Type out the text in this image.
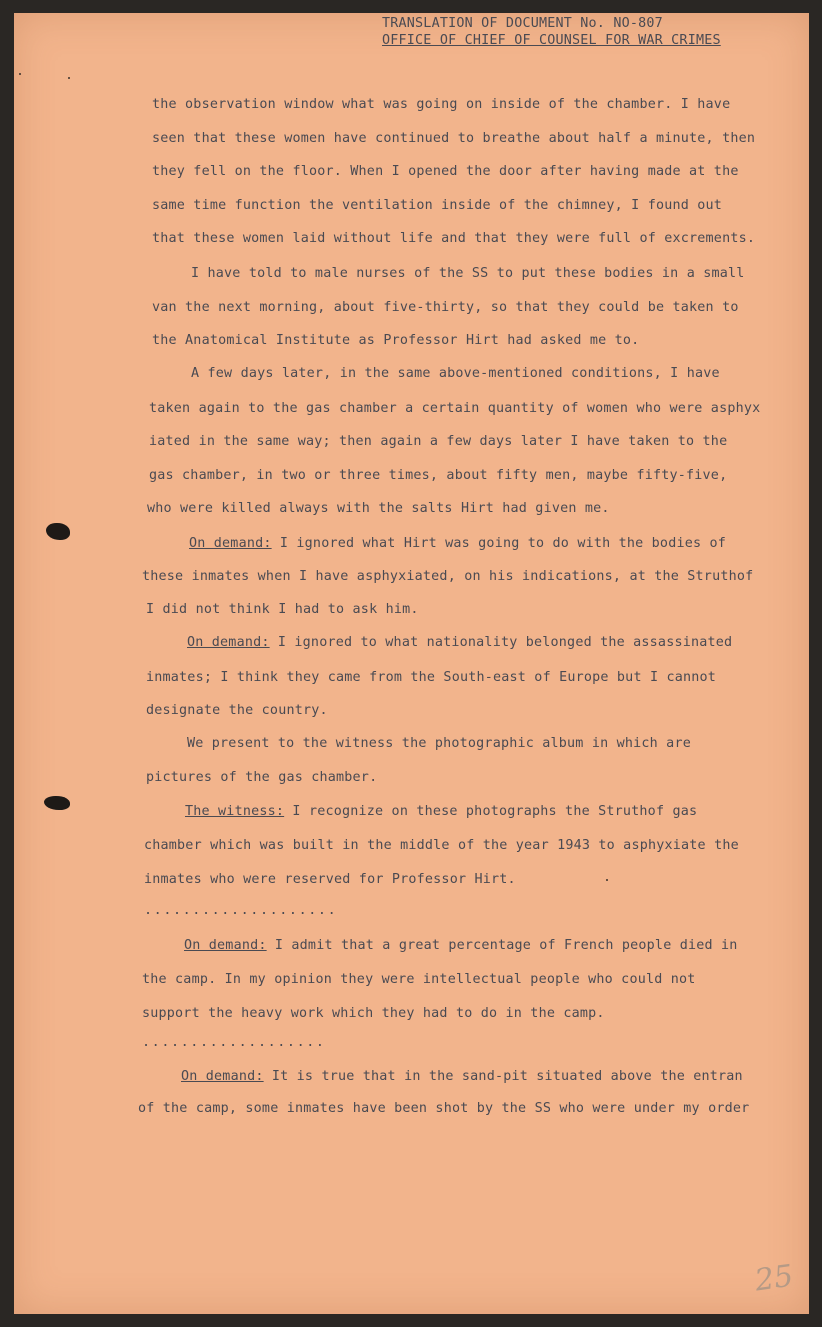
TRANSLATION OF DOCUMENT No. NO-807
OFFICE OF CHIEF OF COUNSEL FOR WAR CRIMES
the observation window what was going on inside of the chamber. I have
seen that these women have continued to breathe about half a minute, then
they fell on the floor. When I opened the door after having made at the
same time function the ventilation inside of the chimney, I found out
that these women laid without life and that they were full of excrements.
I have told to male nurses of the SS to put these bodies in a small
van the next morning, about five-thirty, so that they could be taken to
the Anatomical Institute as Professor Hirt had asked me to.
A few days later, in the same above-mentioned conditions, I have
taken again to the gas chamber a certain quantity of women who were asphyx
iated in the same way; then again a few days later I have taken to the
gas chamber, in two or three times, about fifty men, maybe fifty-five,
who were killed always with the salts Hirt had given me.
On demand: I ignored what Hirt was going to do with the bodies of
these inmates when I have asphyxiated, on his indications, at the Struthof
I did not think I had to ask him.
On demand: I ignored to what nationality belonged the assassinated
inmates; I think they came from the South-east of Europe but I cannot
designate the country.
We present to the witness the photographic album in which are
pictures of the gas chamber.
The witness: I recognize on these photographs the Struthof gas
chamber which was built in the middle of the year 1943 to asphyxiate the
inmates who were reserved for Professor Hirt.
....................
On demand: I admit that a great percentage of French people died in
the camp. In my opinion they were intellectual people who could not
support the heavy work which they had to do in the camp.
...................
On demand: It is true that in the sand-pit situated above the entran
of the camp, some inmates have been shot by the SS who were under my order
25
